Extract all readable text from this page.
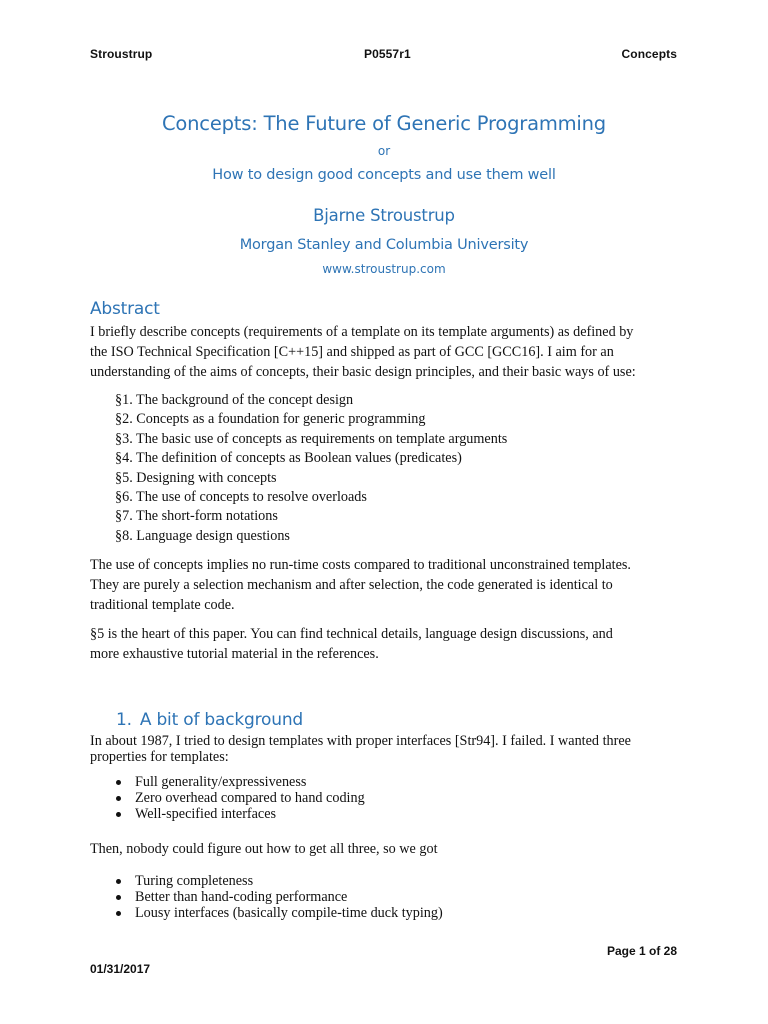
Stroustrup	P0557r1	Concepts
Concepts: The Future of Generic Programming
or
How to design good concepts and use them well
Bjarne Stroustrup
Morgan Stanley and Columbia University
www.stroustrup.com
Abstract

I briefly describe concepts (requirements of a template on its template arguments) as defined by
the ISO Technical Specification [C++15] and shipped as part of GCC [GCC16]. I aim for an
understanding of the aims of concepts, their basic design principles, and their basic ways of use:

§1. The background of the concept design
§2. Concepts as a foundation for generic programming
§3. The basic use of concepts as requirements on template arguments
§4. The definition of concepts as Boolean values (predicates)
§5. Designing with concepts
§6. The use of concepts to resolve overloads
§7. The short-form notations
§8. Language design questions

The use of concepts implies no run-time costs compared to traditional unconstrained templates.
They are purely a selection mechanism and after selection, the code generated is identical to
traditional template code.

§5 is the heart of this paper. You can find technical details, language design discussions, and
more exhaustive tutorial material in the references.

1. A bit of background

In about 1987, I tried to design templates with proper interfaces [Str94]. I failed. I wanted three
properties for templates:

Full generality/expressiveness
Zero overhead compared to hand coding
Well-specified interfaces

Then, nobody could figure out how to get all three, so we got

Turing completeness
Better than hand-coding performance
Lousy interfaces (basically compile-time duck typing)
Page 1 of 28
01/31/2017
